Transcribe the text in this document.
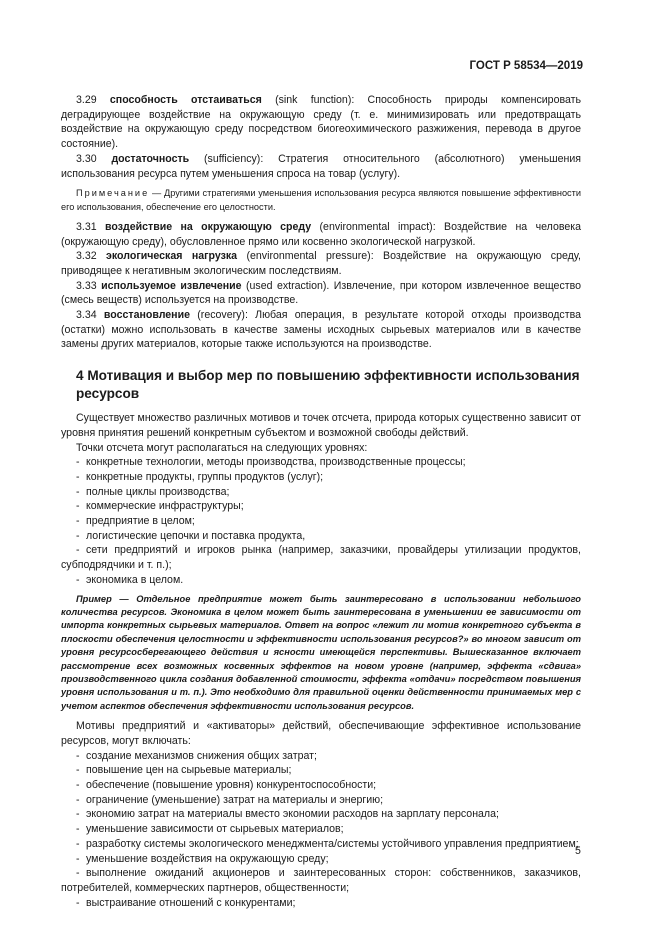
ГОСТ Р 58534—2019

3.29 способность отстаиваться (sink function): Способность природы компенсировать деградирующее воздействие на окружающую среду (т. е. минимизировать или предотвращать воздействие на окружающую среду посредством биогеохимического разжижения, перевода в другое состояние).

3.30 достаточность (sufficiency): Стратегия относительного (абсолютного) уменьшения использования ресурса путем уменьшения спроса на товар (услугу).

Примечание — Другими стратегиями уменьшения использования ресурса являются повышение эффективности его использования, обеспечение его целостности.

3.31 воздействие на окружающую среду (environmental impact): Воздействие на человека (окружающую среду), обусловленное прямо или косвенно экологической нагрузкой.

3.32 экологическая нагрузка (environmental pressure): Воздействие на окружающую среду, приводящее к негативным экологическим последствиям.

3.33 используемое извлечение (used extraction). Извлечение, при котором извлеченное вещество (смесь веществ) используется на производстве.

3.34 восстановление (recovery): Любая операция, в результате которой отходы производства (остатки) можно использовать в качестве замены исходных сырьевых материалов или в качестве замены других материалов, которые также используются на производстве.

4 Мотивация и выбор мер по повышению эффективности использования ресурсов

Существует множество различных мотивов и точек отсчета, природа которых существенно зависит от уровня принятия решений конкретным субъектом и возможной свободы действий.

Точки отсчета могут располагаться на следующих уровнях:

- конкретные технологии, методы производства, производственные процессы;
- конкретные продукты, группы продуктов (услуг);
- полные циклы производства;
- коммерческие инфраструктуры;
- предприятие в целом;
- логистические цепочки и поставка продукта,
- сети предприятий и игроков рынка (например, заказчики, провайдеры утилизации продуктов, субподрядчики и т. п.);
- экономика в целом.

Пример — Отдельное предприятие может быть заинтересовано в использовании небольшого количества ресурсов. Экономика в целом может быть заинтересована в уменьшении ее зависимости от импорта конкретных сырьевых материалов. Ответ на вопрос «лежит ли мотив конкретного субъекта в плоскости обеспечения целостности и эффективности использования ресурсов?» во многом зависит от уровня ресурсосберегающего действия и ясности имеющейся перспективы. Вышесказанное включает рассмотрение всех возможных косвенных эффектов на новом уровне (например, эффекта «сдвига» производственного цикла создания добавленной стоимости, эффекта «отдачи» посредством повышения уровня использования и т. п.). Это необходимо для правильной оценки действенности принимаемых мер с учетом аспектов обеспечения эффективности использования ресурсов.

Мотивы предприятий и «активаторы» действий, обеспечивающие эффективное использование ресурсов, могут включать:

- создание механизмов снижения общих затрат;
- повышение цен на сырьевые материалы;
- обеспечение (повышение уровня) конкурентоспособности;
- ограничение (уменьшение) затрат на материалы и энергию;
- экономию затрат на материалы вместо экономии расходов на зарплату персонала;
- уменьшение зависимости от сырьевых материалов;
- разработку системы экологического менеджмента/системы устойчивого управления предприятием;
- уменьшение воздействия на окружающую среду;
- выполнение ожиданий акционеров и заинтересованных сторон: собственников, заказчиков, потребителей, коммерческих партнеров, общественности;
- выстраивание отношений с конкурентами;
5
